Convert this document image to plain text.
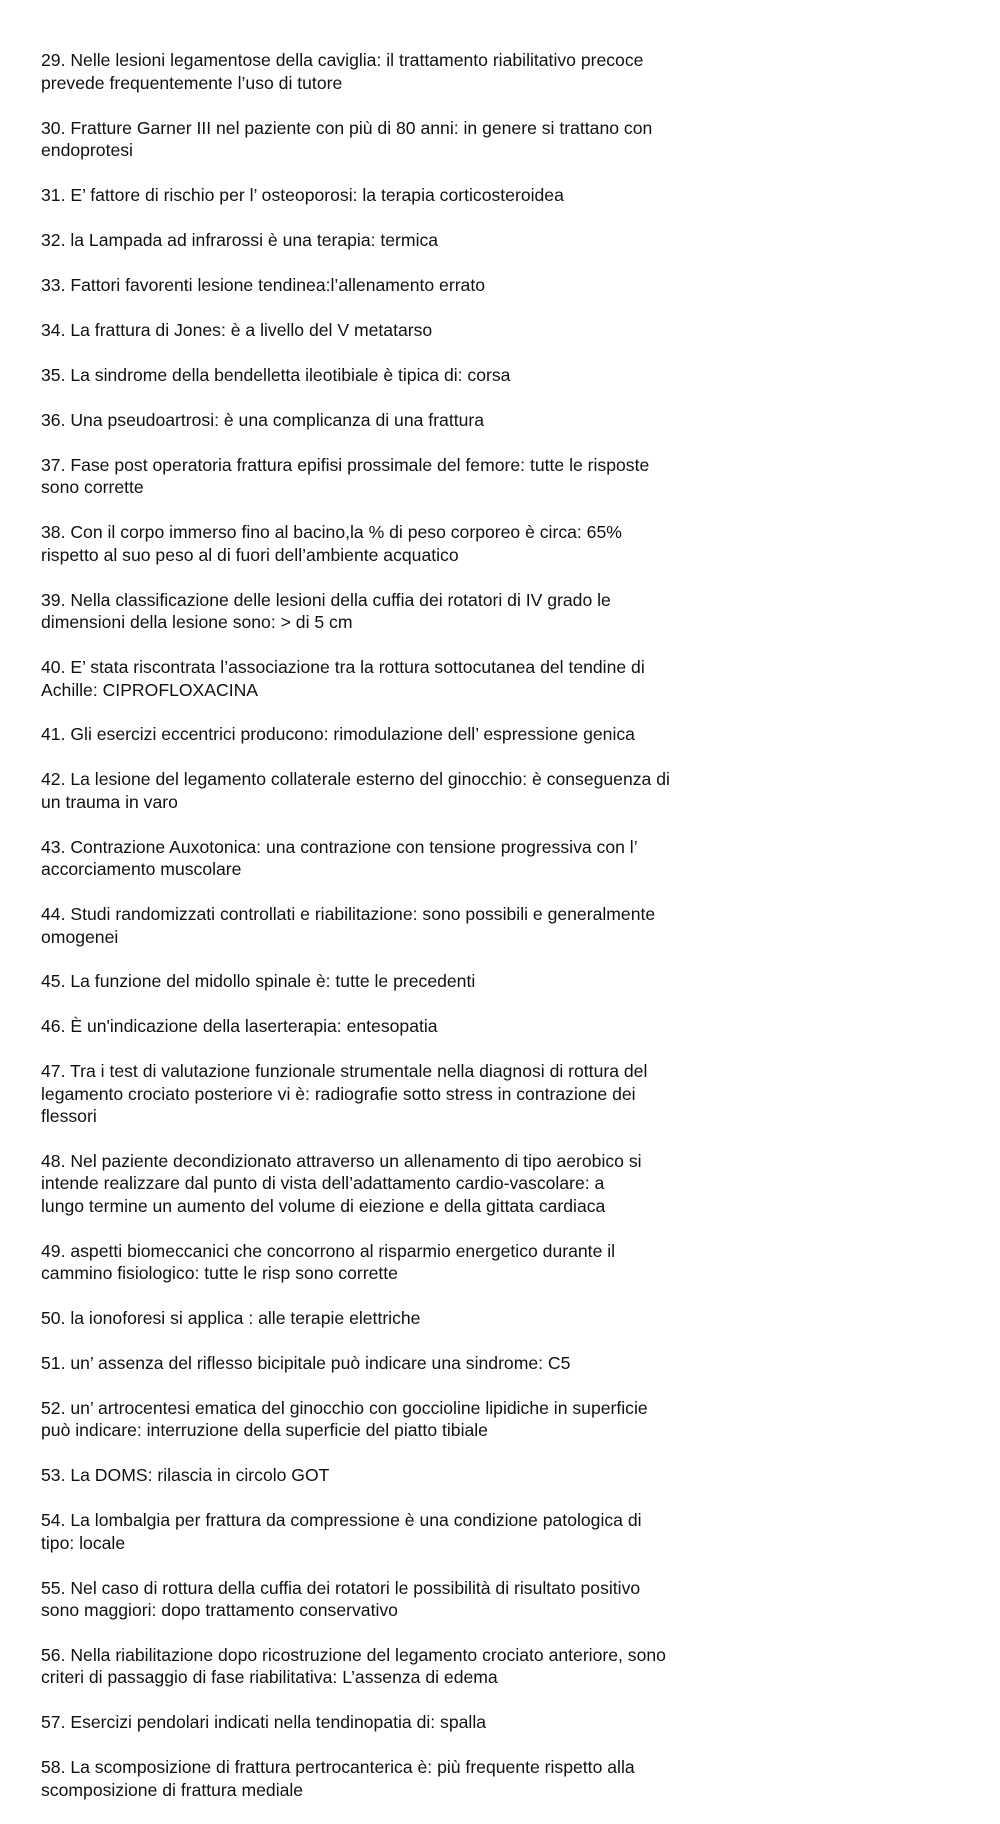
29. Nelle lesioni legamentose della caviglia: il trattamento riabilitativo precoce
prevede frequentemente l’uso di tutore

30. Fratture Garner III nel paziente con più di 80 anni: in genere si trattano con
endoprotesi

31. E’ fattore di rischio per l’ osteoporosi: la terapia corticosteroidea

32. la Lampada ad infrarossi è una terapia: termica

33. Fattori favorenti lesione tendinea:l’allenamento errato

34. La frattura di Jones: è a livello del V metatarso

35. La sindrome della bendelletta ileotibiale è tipica di: corsa

36. Una pseudoartrosi: è una complicanza di una frattura

37. Fase post operatoria frattura epifisi prossimale del femore: tutte le risposte
sono corrette

38. Con il corpo immerso fino al bacino,la % di peso corporeo è circa: 65%
rispetto al suo peso al di fuori dell’ambiente acquatico

39. Nella classificazione delle lesioni della cuffia dei rotatori di IV grado le
dimensioni della lesione sono: > di 5 cm

40. E’ stata riscontrata l’associazione tra la rottura sottocutanea del tendine di
Achille: CIPROFLOXACINA

41. Gli esercizi eccentrici producono: rimodulazione dell’ espressione genica

42. La lesione del legamento collaterale esterno del ginocchio: è conseguenza di
un trauma in varo

43. Contrazione Auxotonica: una contrazione con tensione progressiva con l’
accorciamento muscolare

44. Studi randomizzati controllati e riabilitazione: sono possibili e generalmente
omogenei

45. La funzione del midollo spinale è: tutte le precedenti

46. È un'indicazione della laserterapia: entesopatia

47. Tra i test di valutazione funzionale strumentale nella diagnosi di rottura del
legamento crociato posteriore vi è: radiografie sotto stress in contrazione dei
flessori

48. Nel paziente decondizionato attraverso un allenamento di tipo aerobico si
intende realizzare dal punto di vista dell’adattamento cardio-vascolare: a
lungo termine un aumento del volume di eiezione e della gittata cardiaca

49. aspetti biomeccanici che concorrono al risparmio energetico durante il
cammino fisiologico: tutte le risp sono corrette

50. la ionoforesi si applica : alle terapie elettriche

51. un’ assenza del riflesso bicipitale può indicare una sindrome: C5

52. un’ artrocentesi ematica del ginocchio con goccioline lipidiche in superficie
può indicare: interruzione della superficie del piatto tibiale

53. La DOMS: rilascia in circolo GOT

54. La lombalgia per frattura da compressione è una condizione patologica di
tipo: locale

55. Nel caso di rottura della cuffia dei rotatori le possibilità di risultato positivo
sono maggiori: dopo trattamento conservativo

56. Nella riabilitazione dopo ricostruzione del legamento crociato anteriore, sono
criteri di passaggio di fase riabilitativa: L’assenza di edema

57. Esercizi pendolari indicati nella tendinopatia di: spalla

58. La scomposizione di frattura pertrocanterica è: più frequente rispetto alla
scomposizione di frattura mediale
